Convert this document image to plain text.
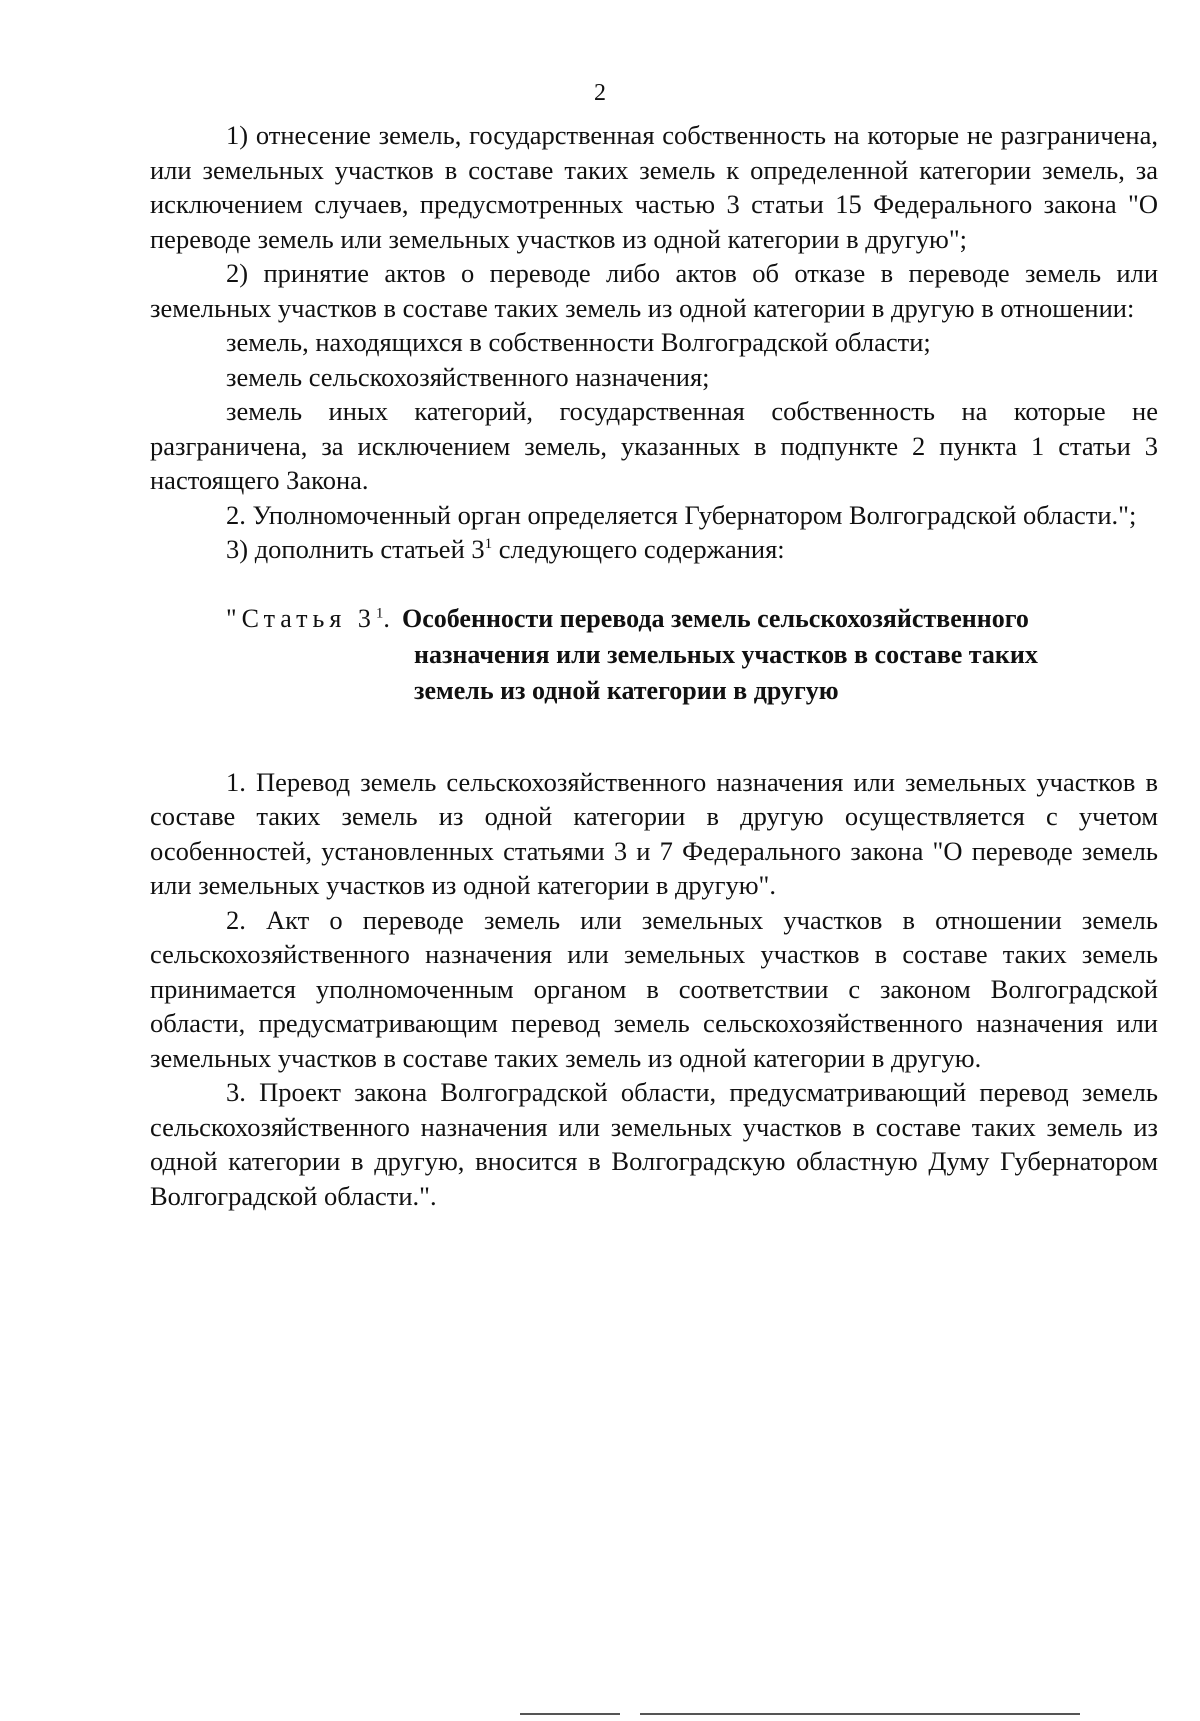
2

1) отнесение земель, государственная собственность на которые не разграничена, или земельных участков в составе таких земель к определенной категории земель, за исключением случаев, предусмотренных частью 3 статьи 15 Федерального закона "О переводе земель или земельных участков из одной категории в другую";

2) принятие актов о переводе либо актов об отказе в переводе земель или земельных участков в составе таких земель из одной категории в другую в отношении:

земель, находящихся в собственности Волгоградской области;

земель сельскохозяйственного назначения;

земель иных категорий, государственная собственность на которые не разграничена, за исключением земель, указанных в подпункте 2 пункта 1 статьи 3 настоящего Закона.

2. Уполномоченный орган определяется Губернатором Волгоградской области.";

3) дополнить статьей $3^1$ следующего содержания:

"Статья $3^1$. Особенности перевода земель сельскохозяйственного
назначения или земельных участков в составе таких
земель из одной категории в другую

1. Перевод земель сельскохозяйственного назначения или земельных участков в составе таких земель из одной категории в другую осуществляется с учетом особенностей, установленных статьями 3 и 7 Федерального закона "О переводе земель или земельных участков из одной категории в другую".

2. Акт о переводе земель или земельных участков в отношении земель сельскохозяйственного назначения или земельных участков в составе таких земель принимается уполномоченным органом в соответствии с законом Волгоградской области, предусматривающим перевод земель сельскохозяйственного назначения или земельных участков в составе таких земель из одной категории в другую.

3. Проект закона Волгоградской области, предусматривающий перевод земель сельскохозяйственного назначения или земельных участков в составе таких земель из одной категории в другую, вносится в Волгоградскую областную Думу Губернатором Волгоградской области.".
